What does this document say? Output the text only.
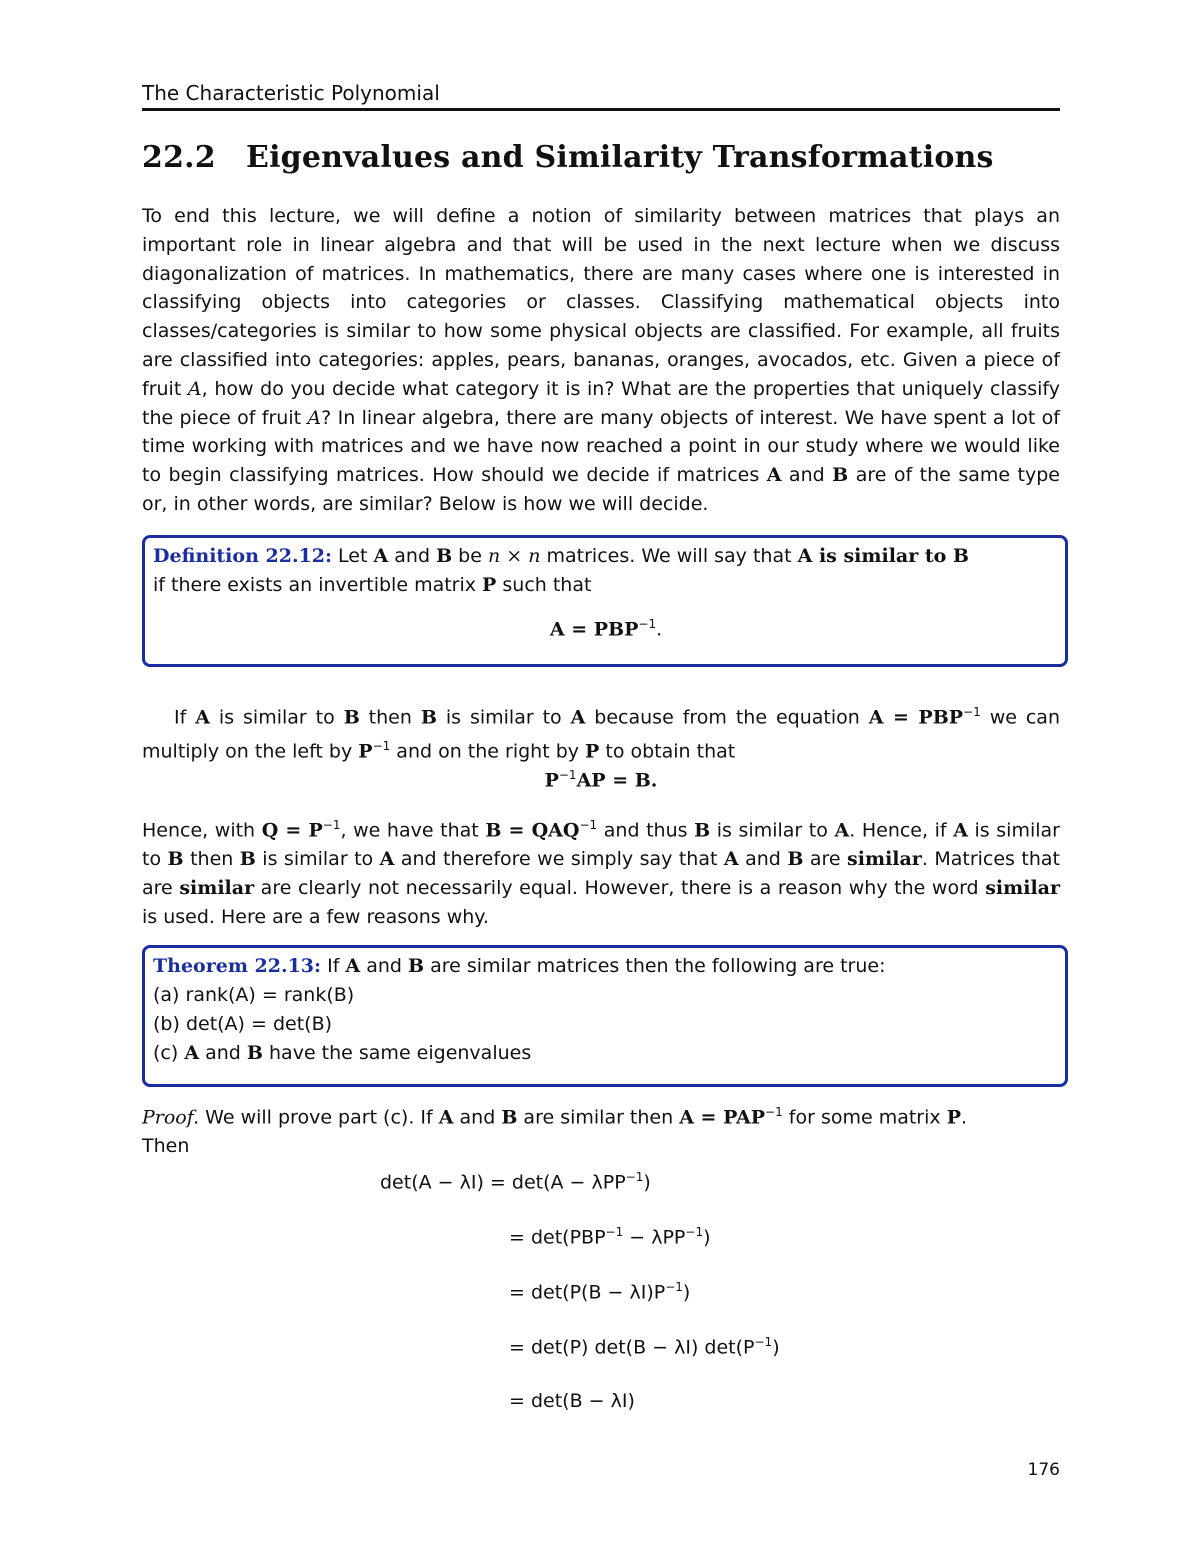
The Characteristic Polynomial
22.2 Eigenvalues and Similarity Transformations
To end this lecture, we will define a notion of similarity between matrices that plays an important role in linear algebra and that will be used in the next lecture when we discuss diagonalization of matrices. In mathematics, there are many cases where one is interested in classifying objects into categories or classes. Classifying mathematical objects into classes/categories is similar to how some physical objects are classified. For example, all fruits are classified into categories: apples, pears, bananas, oranges, avocados, etc. Given a piece of fruit A, how do you decide what category it is in? What are the properties that uniquely classify the piece of fruit A? In linear algebra, there are many objects of interest. We have spent a lot of time working with matrices and we have now reached a point in our study where we would like to begin classifying matrices. How should we decide if matrices A and B are of the same type or, in other words, are similar? Below is how we will decide.
Definition 22.12: Let A and B be n × n matrices. We will say that A is similar to B
if there exists an invertible matrix P such that
$A = PBP^{-1}$.
If A is similar to B then B is similar to A because from the equation $A = PBP^{-1}$ we can multiply on the left by $P^{-1}$ and on the right by P to obtain that
$P^{-1}AP = B$.
Hence, with $Q = P^{-1}$, we have that $B = QAQ^{-1}$ and thus B is similar to A. Hence, if A is similar to B then B is similar to A and therefore we simply say that A and B are similar. Matrices that are similar are clearly not necessarily equal. However, there is a reason why the word similar is used. Here are a few reasons why.
Theorem 22.13: If A and B are similar matrices then the following are true:
(a) rank(A) = rank(B)
(b) det(A) = det(B)
(c) A and B have the same eigenvalues
Proof. We will prove part (c). If A and B are similar then $A = PAP^{-1}$ for some matrix P.
Then
det(A − λI) = det(A − λPP$^{-1}$)
= $\det(PBP^{-1} - \lambda PP^{-1})$
= $\det(P(B - \lambda I)P^{-1})$
= det(P) det(B − λI) $\det(P^{-1})$
= det(B − λI)
176
